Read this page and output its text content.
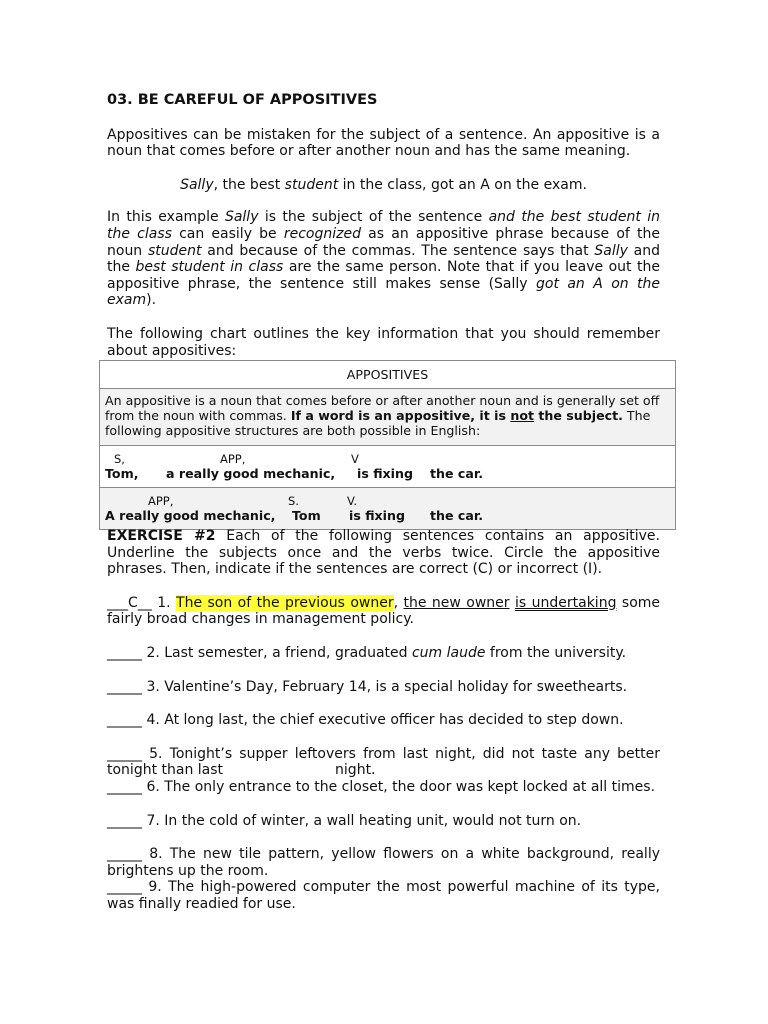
03. BE CAREFUL OF APPOSITIVES

Appositives can be mistaken for the subject of a sentence. An appositive is a noun that comes before or after another noun and has the same meaning.

Sally, the best student in the class, got an A on the exam.

In this example Sally is the subject of the sentence and the best student in the class can easily be recognized as an appositive phrase because of the noun student and because of the commas. The sentence says that Sally and the best student in class are the same person. Note that if you leave out the appositive phrase, the sentence still makes sense (Sally got an A on the exam).

The following chart outlines the key information that you should remember about appositives:

APPOSITIVES
An appositive is a noun that comes before or after another noun and is generally set off from the noun with commas. If a word is an appositive, it is not the subject. The following appositive structures are both possible in English:
S,	APP,	V
Tom, a really good mechanic, is fixing the car.
APP,	S.	V.
A really good mechanic, Tom is fixing the car.

EXERCISE #2 Each of the following sentences contains an appositive. Underline the subjects once and the verbs twice. Circle the appositive phrases. Then, indicate if the sentences are correct (C) or incorrect (I).

___C__ 1. The son of the previous owner, the new owner is undertaking some fairly broad changes in management policy.

_____ 2. Last semester, a friend, graduated cum laude from the university.

_____ 3. Valentine’s Day, February 14, is a special holiday for sweethearts.

_____ 4. At long last, the chief executive officer has decided to step down.

_____ 5. Tonight’s supper leftovers from last night, did not taste any better tonight than last	night.

_____ 6. The only entrance to the closet, the door was kept locked at all times.

_____ 7. In the cold of winter, a wall heating unit, would not turn on.

_____ 8. The new tile pattern, yellow flowers on a white background, really brightens up the room.

_____ 9. The high-powered computer the most powerful machine of its type, was finally readied for use.
